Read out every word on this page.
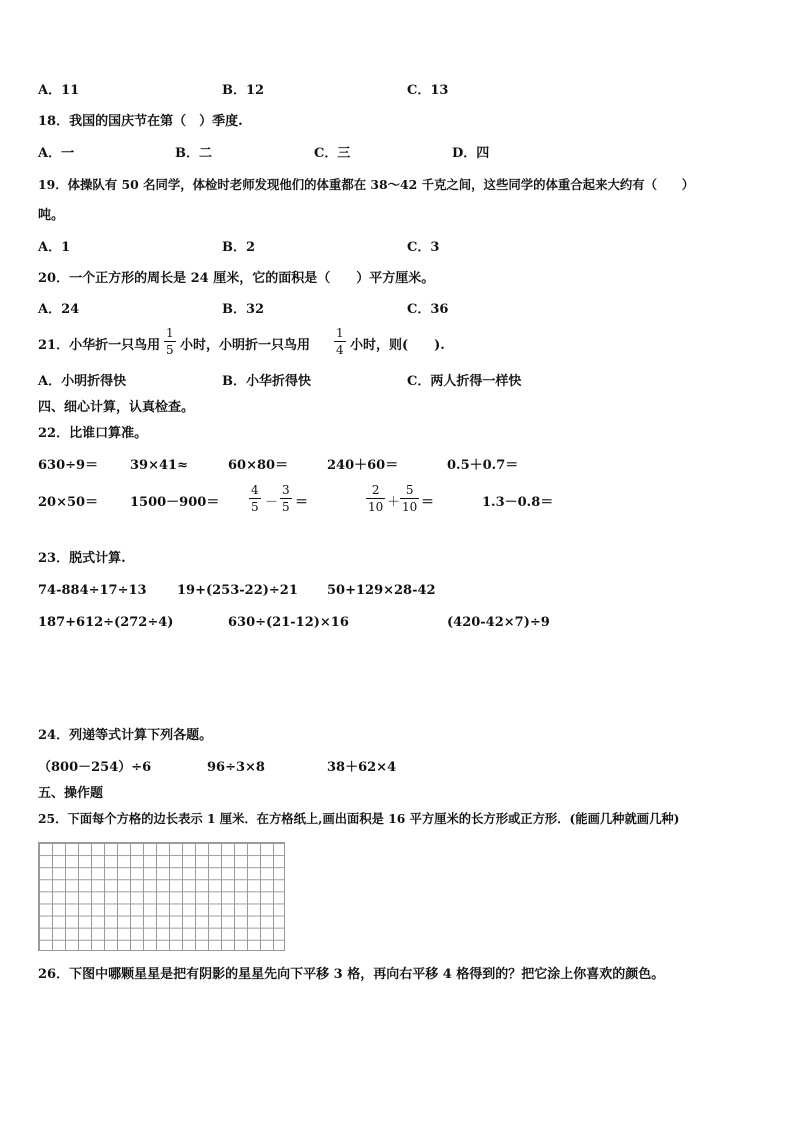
A．11	B．12	C．13
18．我国的国庆节在第（　）季度.
A．一	B．二	C．三	D．四
19．体操队有 50 名同学，体检时老师发现他们的体重都在 38～42 千克之间，这些同学的体重合起来大约有（　　）
吨。
A．1	B．2	C．3
20．一个正方形的周长是 24 厘米，它的面积是（　　）平方厘米。
A．24	B．32	C．36
21．小华折一只鸟用
1
5 小时，小明折一只鸟用
1
4 小时，则(　　).
A．小明折得快	B．小华折得快	C．两人折得一样快
四、细心计算，认真检查。
22．比谁口算准。
630÷9＝ 39×41≈	60×80＝	240＋60＝	0.5＋0.7＝
20×50＝ 1500－900＝
4
5 －
3
5 ＝
2
10 ＋
5
10 ＝	1.3－0.8＝
23．脱式计算.
74-884÷17÷13 19+(253-22)÷21 50+129×28-42
187+612÷(272÷4)	630÷(21-12)×16	(420-42×7)÷9
24．列递等式计算下列各题。
（800－254）÷6	96÷3×8	38＋62×4
五、操作题
25．下面每个方格的边长表示 1 厘米．在方格纸上,画出面积是 16 平方厘米的长方形或正方形．(能画几种就画几种)
26．下图中哪颗星星是把有阴影的星星先向下平移 3 格，再向右平移 4 格得到的？把它涂上你喜欢的颜色。
